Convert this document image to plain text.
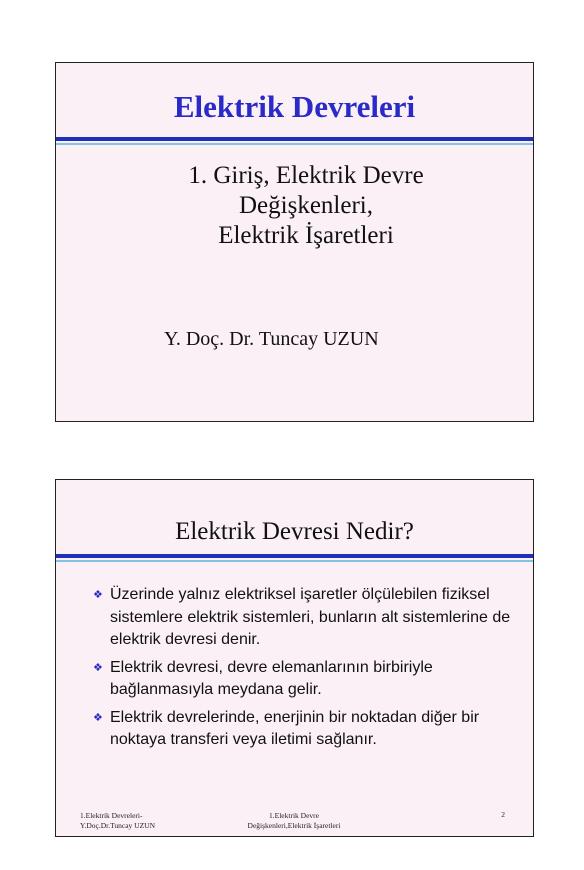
Elektrik Devreleri
1. Giriş, Elektrik Devre
Değişkenleri,
Elektrik İşaretleri
Y. Doç. Dr. Tuncay UZUN
Elektrik Devresi Nedir?
❖ Üzerinde yalnız elektriksel işaretler ölçülebilen fiziksel sistemlere elektrik sistemleri, bunların alt sistemlerine de elektrik devresi denir.
❖ Elektrik devresi, devre elemanlarının birbiriyle bağlanmasıyla meydana gelir.
❖ Elektrik devrelerinde, enerjinin bir noktadan diğer bir noktaya transferi veya iletimi sağlanır.
1.Elektrik Devreleri-
Y.Doç.Dr.Tuncay UZUN
1.Elektrik Devre
Değişkenleri,Elektrik İşaretleri
2
